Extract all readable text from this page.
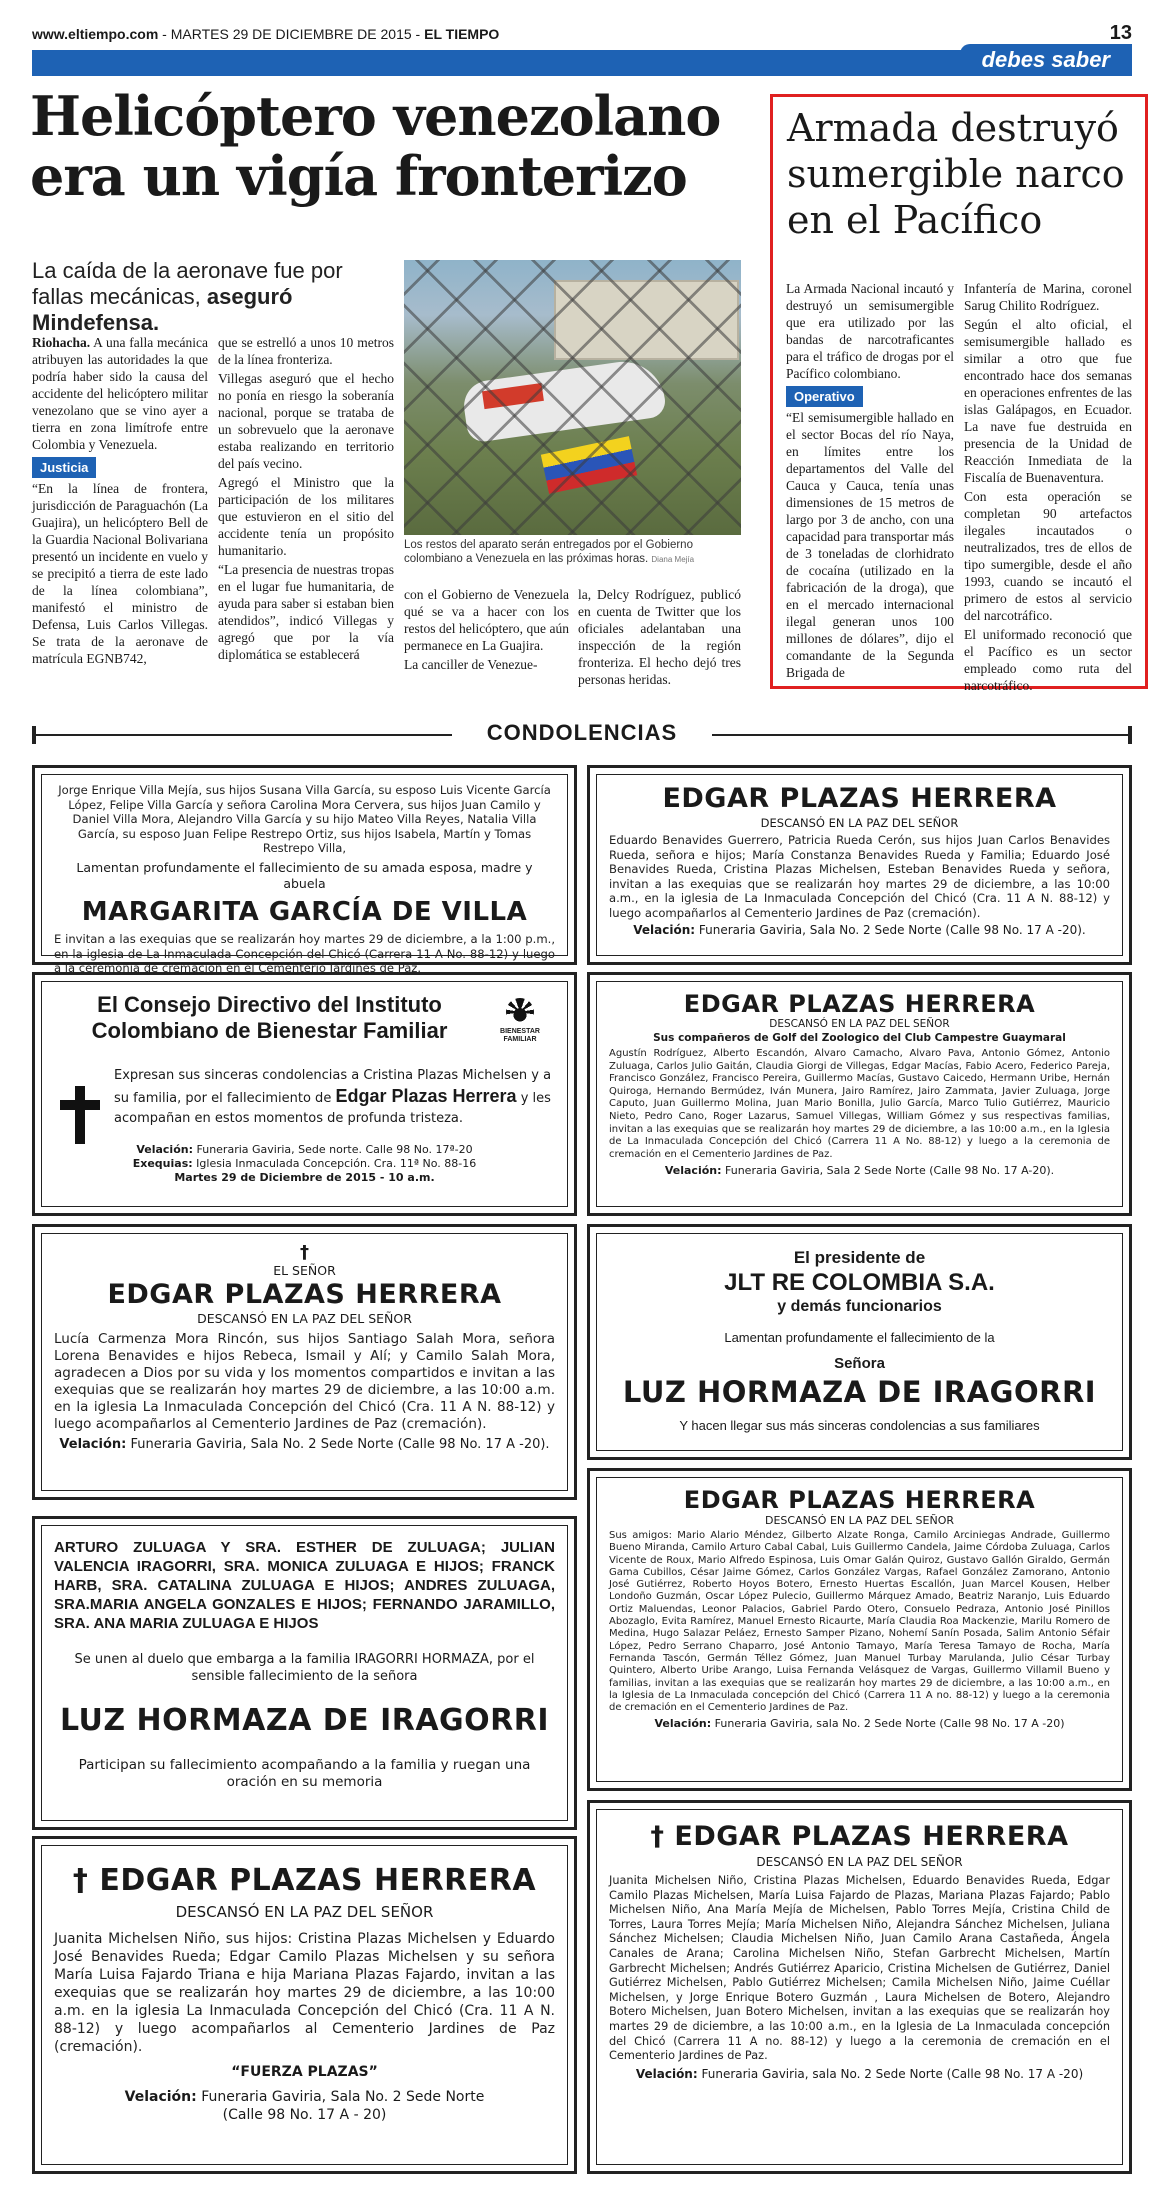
www.eltiempo.com - MARTES 29 DE DICIEMBRE DE 2015 - EL TIEMPO	13
debes saber
Helicóptero venezolano
era un vigía fronterizo
La caída de la aeronave fue por fallas mecánicas, aseguró Mindefensa.

Riohacha. A una falla mecánica atribuyen las autoridades la que podría haber sido la causa del accidente del helicóptero militar venezolano que se vino ayer a tierra en zona limítrofe entre Colombia y Venezuela.

Justicia

“En la línea de frontera, jurisdicción de Paraguachón (La Guajira), un helicóptero Bell de la Guardia Nacional Bolivariana presentó un incidente en vuelo y se precipitó a tierra de este lado de la línea colombiana”, manifestó el ministro de Defensa, Luis Carlos Villegas. Se trata de la aeronave de matrícula EGNB742,

que se estrelló a unos 10 metros de la línea fronteriza.

Villegas aseguró que el hecho no ponía en riesgo la soberanía nacional, porque se trataba de un sobrevuelo que la aeronave estaba realizando en territorio del país vecino.

Agregó el Ministro que la participación de los militares que estuvieron en el sitio del accidente tenía un propósito humanitario.

“La presencia de nuestras tropas en el lugar fue humanitaria, de ayuda para saber si estaban bien atendidos”, indicó Villegas y agregó que por la vía diplomática se establecerá

Los restos del aparato serán entregados por el Gobierno colombiano a Venezuela en las próximas horas. Diana Mejía

con el Gobierno de Venezuela qué se va a hacer con los restos del helicóptero, que aún permanece en La Guajira.

La canciller de Venezue-

la, Delcy Rodríguez, publicó en cuenta de Twitter que los oficiales adelantaban una inspección de la región fronteriza. El hecho dejó tres personas heridas.

Armada destruyó sumergible narco en el Pacífico

La Armada Nacional incautó y destruyó un semisumergible que era utilizado por las bandas de narcotraficantes para el tráfico de drogas por el Pacífico colombiano.

Operativo

“El semisumergible hallado en el sector Bocas del río Naya, en límites entre los departamentos del Valle del Cauca y Cauca, tenía unas dimensiones de 15 metros de largo por 3 de ancho, con una capacidad para transportar más de 3 toneladas de clorhidrato de cocaína (utilizado en la fabricación de la droga), que en el mercado internacional ilegal generan unos 100 millones de dólares”, dijo el comandante de la Segunda Brigada de

Infantería de Marina, coronel Sarug Chilito Rodríguez.

Según el alto oficial, el semisumergible hallado es similar a otro que fue encontrado hace dos semanas en operaciones enfrentes de las islas Galápagos, en Ecuador. La nave fue destruida en presencia de la Unidad de Reacción Inmediata de la Fiscalía de Buenaventura.

Con esta operación se completan 90 artefactos ilegales incautados o neutralizados, tres de ellos de tipo sumergible, desde el año 1993, cuando se incautó el primero de estos al servicio del narcotráfico.

El uniformado reconoció que el Pacífico es un sector empleado como ruta del narcotráfico.

CONDOLENCIAS
Jorge Enrique Villa Mejía, sus hijos Susana Villa García, su esposo Luis Vicente García López, Felipe Villa García y señora Carolina Mora Cervera, sus hijos Juan Camilo y Daniel Villa Mora, Alejandro Villa García y su hijo Mateo Villa Reyes, Natalia Villa García, su esposo Juan Felipe Restrepo Ortiz, sus hijos Isabela, Martín y Tomas Restrepo Villa,
Lamentan profundamente el fallecimiento de su amada esposa, madre y abuela
MARGARITA GARCÍA DE VILLA
E invitan a las exequias que se realizarán hoy martes 29 de diciembre, a la 1:00 p.m., en la iglesia de La Inmaculada Concepción del Chicó (Carrera 11 A No. 88-12) y luego a la ceremonia de cremación en el Cementerio Jardines de Paz.
El Consejo Directivo del Instituto
Colombiano de Bienestar Familiar	BIENESTAR FAMILIAR
Expresan sus sinceras condolencias a Cristina Plazas Michelsen y a su familia, por el fallecimiento de Edgar Plazas Herrera y les acompañan en estos momentos de profunda tristeza.
Velación: Funeraria Gaviria, Sede norte. Calle 98 No. 17ª-20
Exequias: Iglesia Inmaculada Concepción. Cra. 11ª No. 88-16
Martes 29 de Diciembre de 2015 - 10 a.m.
†
EL SEÑOR
EDGAR PLAZAS HERRERA
DESCANSÓ EN LA PAZ DEL SEÑOR
Lucía Carmenza Mora Rincón, sus hijos Santiago Salah Mora, señora Lorena Benavides e hijos Rebeca, Ismail y Alí; y Camilo Salah Mora, agradecen a Dios por su vida y los momentos compartidos e invitan a las exequias que se realizarán hoy martes 29 de diciembre, a las 10:00 a.m. en la iglesia La Inmaculada Concepción del Chicó (Cra. 11 A N. 88-12) y luego acompañarlos al Cementerio Jardines de Paz (cremación).
Velación: Funeraria Gaviria, Sala No. 2 Sede Norte (Calle 98 No. 17 A -20).
ARTURO ZULUAGA Y SRA. ESTHER DE ZULUAGA; JULIAN VALENCIA IRAGORRI, SRA. MONICA ZULUAGA E HIJOS; FRANCK HARB, SRA. CATALINA ZULUAGA E HIJOS; ANDRES ZULUAGA, SRA.MARIA ANGELA GONZALES E HIJOS; FERNANDO JARAMILLO, SRA. ANA MARIA ZULUAGA E HIJOS
Se unen al duelo que embarga a la familia IRAGORRI HORMAZA, por el sensible fallecimiento de la señora
LUZ HORMAZA DE IRAGORRI
Participan su fallecimiento acompañando a la familia y ruegan una oración en su memoria
† EDGAR PLAZAS HERRERA
DESCANSÓ EN LA PAZ DEL SEÑOR
Juanita Michelsen Niño, sus hijos: Cristina Plazas Michelsen y Eduardo José Benavides Rueda; Edgar Camilo Plazas Michelsen y su señora María Luisa Fajardo Triana e hija Mariana Plazas Fajardo, invitan a las exequias que se realizarán hoy martes 29 de diciembre, a las 10:00 a.m. en la iglesia La Inmaculada Concepción del Chicó (Cra. 11 A N. 88-12) y luego acompañarlos al Cementerio Jardines de Paz (cremación).
“FUERZA PLAZAS”
Velación: Funeraria Gaviria, Sala No. 2 Sede Norte
(Calle 98 No. 17 A - 20)
EDGAR PLAZAS HERRERA
DESCANSÓ EN LA PAZ DEL SEÑOR
Eduardo Benavides Guerrero, Patricia Rueda Cerón, sus hijos Juan Carlos Benavides Rueda, señora e hijos; María Constanza Benavides Rueda y Familia; Eduardo José Benavides Rueda, Cristina Plazas Michelsen, Esteban Benavides Rueda y señora, invitan a las exequias que se realizarán hoy martes 29 de diciembre, a las 10:00 a.m., en la iglesia de La Inmaculada Concepción del Chicó (Cra. 11 A N. 88-12) y luego acompañarlos al Cementerio Jardines de Paz (cremación).
Velación: Funeraria Gaviria, Sala No. 2 Sede Norte (Calle 98 No. 17 A -20).
EDGAR PLAZAS HERRERA
DESCANSÓ EN LA PAZ DEL SEÑOR
Sus compañeros de Golf del Zoologico del Club Campestre Guaymaral
Agustín Rodríguez, Alberto Escandón, Alvaro Camacho, Alvaro Pava, Antonio Gómez, Antonio Zuluaga, Carlos Julio Gaitán, Claudia Giorgi de Villegas, Edgar Macías, Fabio Acero, Federico Pareja, Francisco González, Francisco Pereira, Guillermo Macías, Gustavo Caicedo, Hermann Uribe, Hernán Quiroga, Hernando Bermúdez, Iván Munera, Jairo Ramírez, Jairo Zammata, Javier Zuluaga, Jorge Caputo, Juan Guillermo Molina, Juan Mario Bonilla, Julio García, Marco Tulio Gutiérrez, Mauricio Nieto, Pedro Cano, Roger Lazarus, Samuel Villegas, William Gómez y sus respectivas familias, invitan a las exequias que se realizarán hoy martes 29 de diciembre, a las 10:00 a.m., en la Iglesia de La Inmaculada Concepción del Chicó (Carrera 11 A No. 88-12) y luego a la ceremonia de cremación en el Cementerio Jardines de Paz.
Velación: Funeraria Gaviria, Sala 2 Sede Norte (Calle 98 No. 17 A-20).
El presidente de
JLT RE COLOMBIA S.A.
y demás funcionarios
Lamentan profundamente el fallecimiento de la
Señora
LUZ HORMAZA DE IRAGORRI
Y hacen llegar sus más sinceras condolencias a sus familiares
EDGAR PLAZAS HERRERA
DESCANSÓ EN LA PAZ DEL SEÑOR
Sus amigos: Mario Alario Méndez, Gilberto Alzate Ronga, Camilo Arciniegas Andrade, Guillermo Bueno Miranda, Camilo Arturo Cabal Cabal, Luis Guillermo Candela, Jaime Córdoba Zuluaga, Carlos Vicente de Roux, Mario Alfredo Espinosa, Luis Omar Galán Quiroz, Gustavo Gallón Giraldo, Germán Gama Cubillos, César Jaime Gómez, Carlos González Vargas, Rafael González Zamorano, Antonio José Gutiérrez, Roberto Hoyos Botero, Ernesto Huertas Escallón, Juan Marcel Kousen, Helber Londoño Guzmán, Oscar López Pulecio, Guillermo Márquez Amado, Beatriz Naranjo, Luis Eduardo Ortiz Maluendas, Leonor Palacios, Gabriel Pardo Otero, Consuelo Pedraza, Antonio José Pinillos Abozaglo, Evita Ramírez, Manuel Ernesto Ricaurte, María Claudia Roa Mackenzie, Marilu Romero de Medina, Hugo Salazar Peláez, Ernesto Samper Pizano, Nohemí Sanín Posada, Salim Antonio Séfair López, Pedro Serrano Chaparro, José Antonio Tamayo, María Teresa Tamayo de Rocha, María Fernanda Tascón, Germán Téllez Gómez, Juan Manuel Turbay Marulanda, Julio César Turbay Quintero, Alberto Uribe Arango, Luisa Fernanda Velásquez de Vargas, Guillermo Villamil Bueno y familias, invitan a las exequias que se realizarán hoy martes 29 de diciembre, a las 10:00 a.m., en la Iglesia de La Inmaculada concepción del Chicó (Carrera 11 A no. 88-12) y luego a la ceremonia de cremación en el Cementerio Jardines de Paz.
Velación: Funeraria Gaviria, sala No. 2 Sede Norte (Calle 98 No. 17 A -20)
† EDGAR PLAZAS HERRERA
DESCANSÓ EN LA PAZ DEL SEÑOR
Juanita Michelsen Niño, Cristina Plazas Michelsen, Eduardo Benavides Rueda, Edgar Camilo Plazas Michelsen, María Luisa Fajardo de Plazas, Mariana Plazas Fajardo; Pablo Michelsen Niño, Ana María Mejía de Michelsen, Pablo Torres Mejía, Cristina Child de Torres, Laura Torres Mejía; María Michelsen Niño, Alejandra Sánchez Michelsen, Juliana Sánchez Michelsen; Claudia Michelsen Niño, Juan Camilo Arana Castañeda, Ángela Canales de Arana; Carolina Michelsen Niño, Stefan Garbrecht Michelsen, Martín Garbrecht Michelsen; Andrés Gutiérrez Aparicio, Cristina Michelsen de Gutiérrez, Daniel Gutiérrez Michelsen, Pablo Gutiérrez Michelsen; Camila Michelsen Niño, Jaime Cuéllar Michelsen, y Jorge Enrique Botero Guzmán , Laura Michelsen de Botero, Alejandro Botero Michelsen, Juan Botero Michelsen, invitan a las exequias que se realizarán hoy martes 29 de diciembre, a las 10:00 a.m., en la Iglesia de La Inmaculada concepción del Chicó (Carrera 11 A no. 88-12) y luego a la ceremonia de cremación en el Cementerio Jardines de Paz.
Velación: Funeraria Gaviria, sala No. 2 Sede Norte (Calle 98 No. 17 A -20)
